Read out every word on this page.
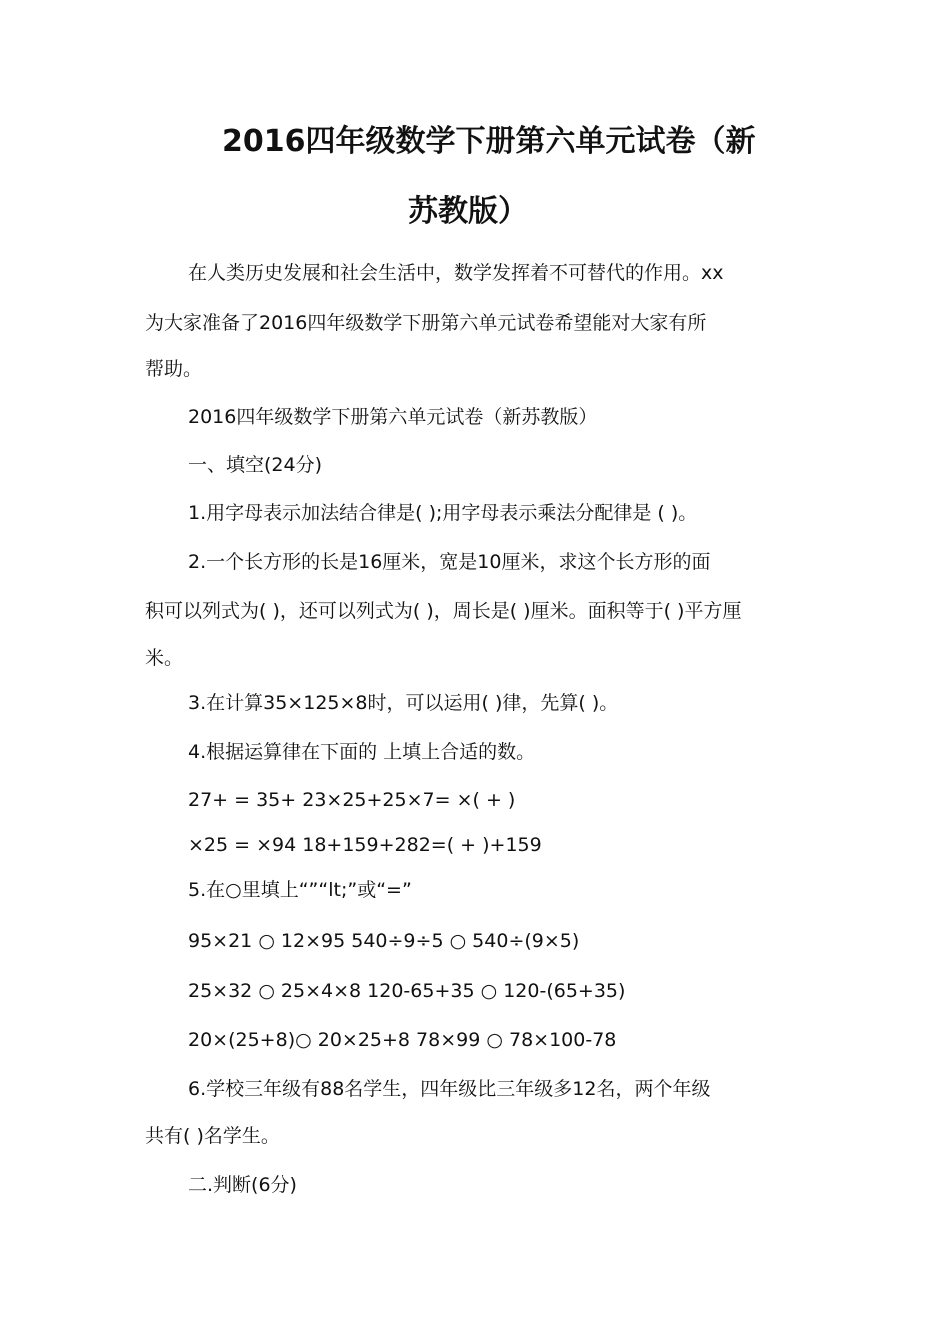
2016四年级数学下册第六单元试卷（新
苏教版）
在人类历史发展和社会生活中，数学发挥着不可替代的作用。xx
为大家准备了2016四年级数学下册第六单元试卷希望能对大家有所
帮助。
2016四年级数学下册第六单元试卷（新苏教版）
一、填空(24分)
1.用字母表示加法结合律是( );用字母表示乘法分配律是 ( )。
2.一个长方形的长是16厘米，宽是10厘米，求这个长方形的面
积可以列式为( )，还可以列式为( )，周长是( )厘米。面积等于( )平方厘
米。
3.在计算35×125×8时，可以运用( )律，先算( )。
4.根据运算律在下面的 上填上合适的数。
27+ = 35+ 23×25+25×7= ×( + )
×25 = ×94 18+159+282=( + )+159
5.在○里填上“”“lt;”或“=”
95×21 ○ 12×95 540÷9÷5 ○ 540÷(9×5)
25×32 ○ 25×4×8 120-65+35 ○ 120-(65+35)
20×(25+8)○ 20×25+8 78×99 ○ 78×100-78
6.学校三年级有88名学生，四年级比三年级多12名，两个年级
共有( )名学生。
二.判断(6分)
